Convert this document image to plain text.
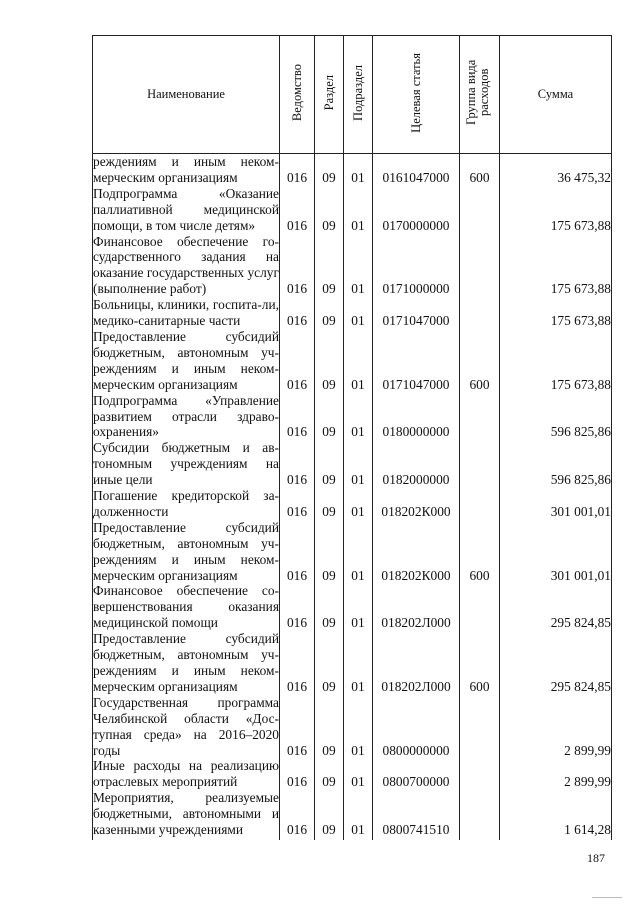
Наименование	Ведомство	Раздел	Подраздел	Целевая статья	Группа вида расходов	Сумма
реждениям и иным неком-мерческим организациям	016	09	01	0161047000	600	36 475,32
Подпрограмма «Оказание паллиативной медицинской помощи, в том числе детям»	016	09	01	0170000000		175 673,88
Финансовое обеспечение го-сударственного задания на оказание государственных услуг (выполнение работ)	016	09	01	0171000000		175 673,88
Больницы, клиники, госпита-ли, медико-санитарные части	016	09	01	0171047000		175 673,88
Предоставление субсидий бюджетным, автономным уч-реждениям и иным неком-мерческим организациям	016	09	01	0171047000	600	175 673,88
Подпрограмма «Управление развитием отрасли здраво-охранения»	016	09	01	0180000000		596 825,86
Субсидии бюджетным и ав-тономным учреждениям на иные цели	016	09	01	0182000000		596 825,86
Погашение кредиторской за-долженности	016	09	01	018202К000		301 001,01
Предоставление субсидий бюджетным, автономным уч-реждениям и иным неком-мерческим организациям	016	09	01	018202К000	600	301 001,01
Финансовое обеспечение со-вершенствования оказания медицинской помощи	016	09	01	018202Л000		295 824,85
Предоставление субсидий бюджетным, автономным уч-реждениям и иным неком-мерческим организациям	016	09	01	018202Л000	600	295 824,85
Государственная программа Челябинской области «Дос-тупная среда» на 2016–2020 годы	016	09	01	0800000000		2 899,99
Иные расходы на реализацию отраслевых мероприятий	016	09	01	0800700000		2 899,99
Мероприятия, реализуемые бюджетными, автономными и казенными учреждениями	016	09	01	0800741510		1 614,28
187
